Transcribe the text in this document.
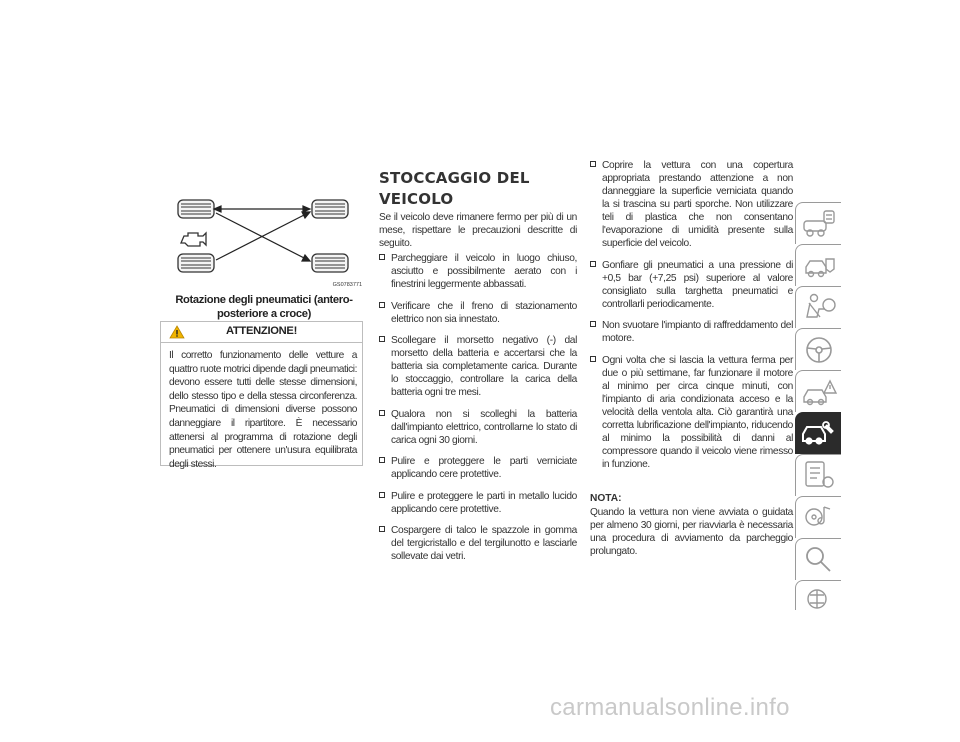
GS0783771
Rotazione degli pneumatici (antero-posteriore a croce)
ATTENZIONE!
Il corretto funzionamento delle vetture a quattro ruote motrici dipende dagli pneumatici: devono essere tutti delle stesse dimensioni, dello stesso tipo e della stessa circonferenza. Pneumatici di dimensioni diverse possono danneggiare il ripartitore. È necessario attenersi al programma di rotazione degli pneumatici per ottenere un'usura equilibrata degli stessi.
STOCCAGGIO DEL VEICOLO
Se il veicolo deve rimanere fermo per più di un mese, rispettare le precauzioni descritte di seguito.
Parcheggiare il veicolo in luogo chiuso, asciutto e possibilmente aerato con i finestrini leggermente abbassati.
Verificare che il freno di stazionamento elettrico non sia innestato.
Scollegare il morsetto negativo (-) dal morsetto della batteria e accertarsi che la batteria sia completamente carica. Durante lo stoccaggio, controllare la carica della batteria ogni tre mesi.
Qualora non si scolleghi la batteria dall'impianto elettrico, controllarne lo stato di carica ogni 30 giorni.
Pulire e proteggere le parti verniciate applicando cere protettive.
Pulire e proteggere le parti in metallo lucido applicando cere protettive.
Cospargere di talco le spazzole in gomma del tergicristallo e del tergilunotto e lasciarle sollevate dai vetri.
Coprire la vettura con una copertura appropriata prestando attenzione a non danneggiare la superficie verniciata quando la si trascina su parti sporche. Non utilizzare teli di plastica che non consentano l'evaporazione di umidità presente sulla superficie del veicolo.
Gonfiare gli pneumatici a una pressione di +0,5 bar (+7,25 psi) superiore al valore consigliato sulla targhetta pneumatici e controllarli periodicamente.
Non svuotare l'impianto di raffreddamento del motore.
Ogni volta che si lascia la vettura ferma per due o più settimane, far funzionare il motore al minimo per circa cinque minuti, con l'impianto di aria condizionata acceso e la velocità della ventola alta. Ciò garantirà una corretta lubrificazione dell'impianto, riducendo al minimo la possibilità di danni al compressore quando il veicolo viene rimesso in funzione.
NOTA:
Quando la vettura non viene avviata o guidata per almeno 30 giorni, per riavviarla è necessaria una procedura di avviamento da parcheggio prolungato.
carmanualsonline.info
